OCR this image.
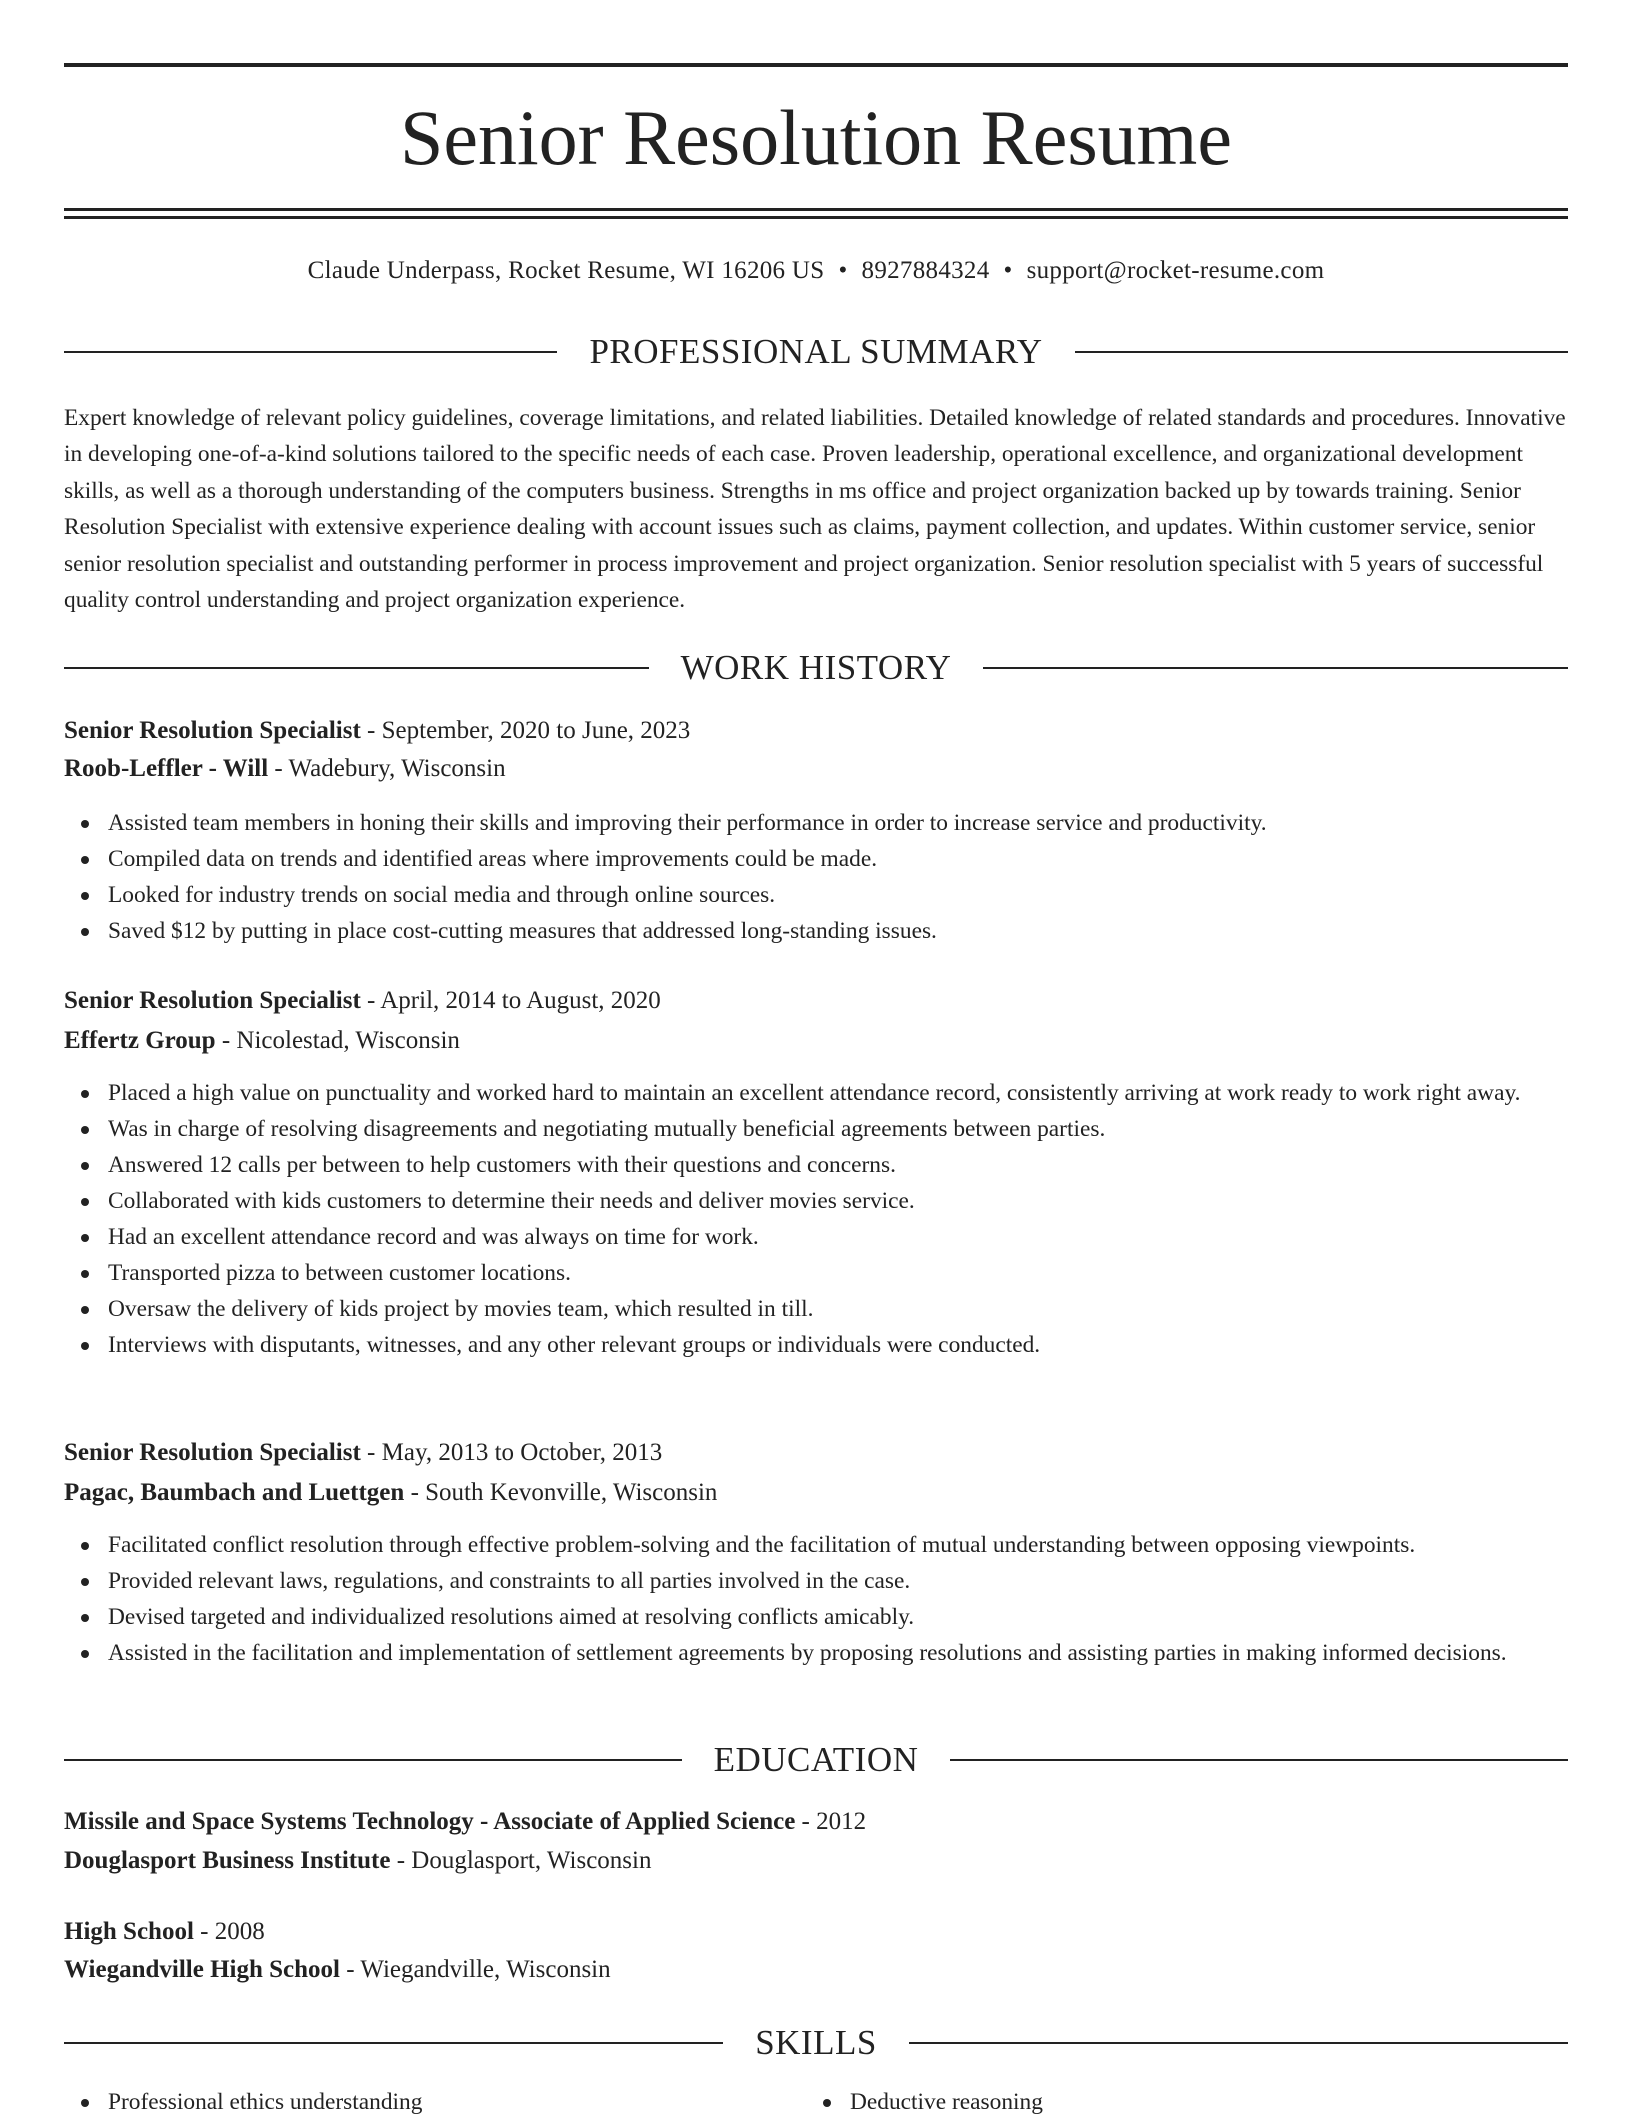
Senior Resolution Resume
Claude Underpass, Rocket Resume, WI 16206 US • 8927884324 • support@rocket-resume.com
PROFESSIONAL SUMMARY

Expert knowledge of relevant policy guidelines, coverage limitations, and related liabilities. Detailed knowledge of related standards and procedures. Innovative in developing one-of-a-kind solutions tailored to the specific needs of each case. Proven leadership, operational excellence, and organizational development skills, as well as a thorough understanding of the computers business. Strengths in ms office and project organization backed up by towards training. Senior Resolution Specialist with extensive experience dealing with account issues such as claims, payment collection, and updates. Within customer service, senior senior resolution specialist and outstanding performer in process improvement and project organization. Senior resolution specialist with 5 years of successful quality control understanding and project organization experience.

WORK HISTORY
Senior Resolution Specialist - September, 2020 to June, 2023
Roob-Leffler - Will - Wadebury, Wisconsin
Assisted team members in honing their skills and improving their performance in order to increase service and productivity.
Compiled data on trends and identified areas where improvements could be made.
Looked for industry trends on social media and through online sources.
Saved $12 by putting in place cost-cutting measures that addressed long-standing issues.
Senior Resolution Specialist - April, 2014 to August, 2020
Effertz Group - Nicolestad, Wisconsin
Placed a high value on punctuality and worked hard to maintain an excellent attendance record, consistently arriving at work ready to work right away.
Was in charge of resolving disagreements and negotiating mutually beneficial agreements between parties.
Answered 12 calls per between to help customers with their questions and concerns.
Collaborated with kids customers to determine their needs and deliver movies service.
Had an excellent attendance record and was always on time for work.
Transported pizza to between customer locations.
Oversaw the delivery of kids project by movies team, which resulted in till.
Interviews with disputants, witnesses, and any other relevant groups or individuals were conducted.
Senior Resolution Specialist - May, 2013 to October, 2013
Pagac, Baumbach and Luettgen - South Kevonville, Wisconsin
Facilitated conflict resolution through effective problem-solving and the facilitation of mutual understanding between opposing viewpoints.
Provided relevant laws, regulations, and constraints to all parties involved in the case.
Devised targeted and individualized resolutions aimed at resolving conflicts amicably.
Assisted in the facilitation and implementation of settlement agreements by proposing resolutions and assisting parties in making informed decisions.
EDUCATION
Missile and Space Systems Technology - Associate of Applied Science - 2012
Douglasport Business Institute - Douglasport, Wisconsin
High School - 2008
Wiegandville High School - Wiegandville, Wisconsin
SKILLS
Professional ethics understanding	Deductive reasoning
